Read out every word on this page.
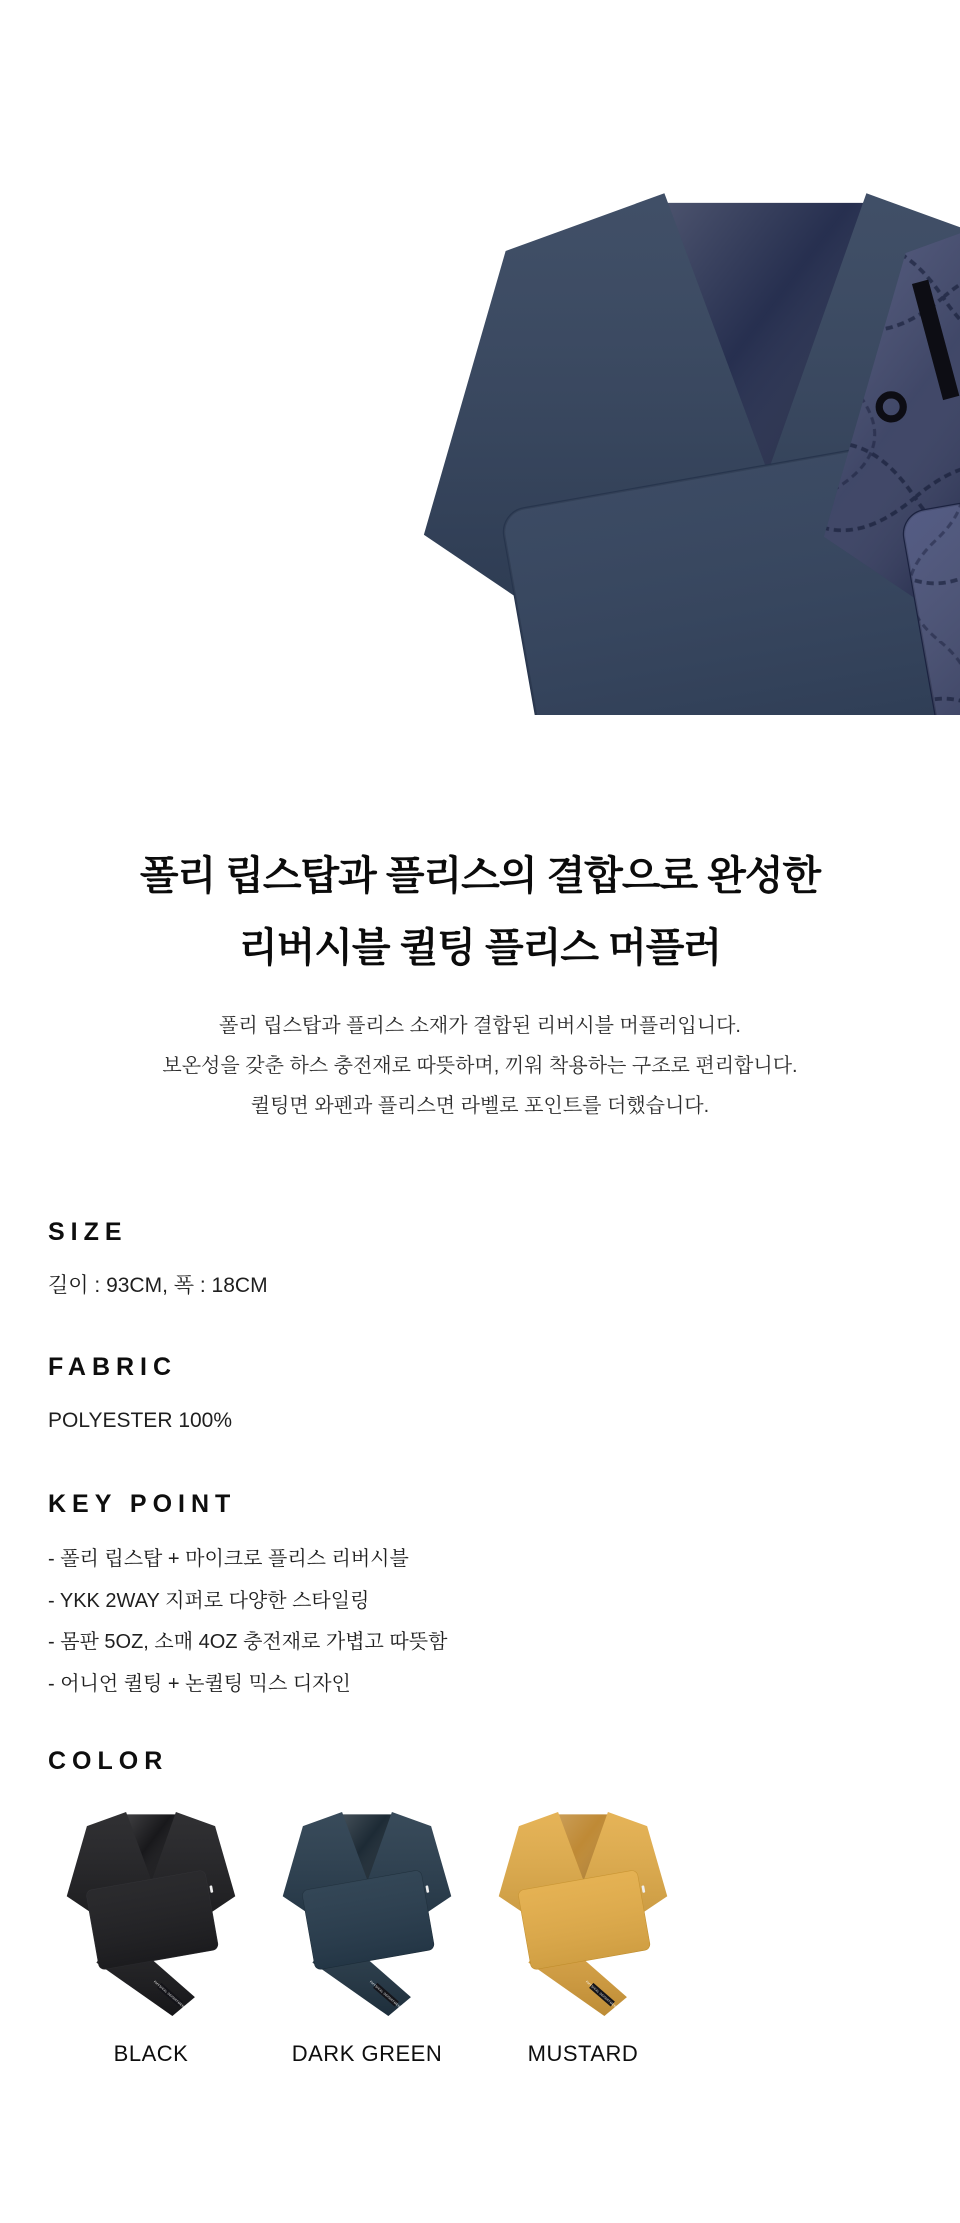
PHYSICAL DEPARTMENT
폴리 립스탑과 플리스의 결합으로 완성한
리버시블 퀼팅 플리스 머플러

폴리 립스탑과 플리스 소재가 결합된 리버시블 머플러입니다.
보온성을 갖춘 하스 충전재로 따뜻하며, 끼워 착용하는 구조로 편리합니다.
퀼팅면 와펜과 플리스면 라벨로 포인트를 더했습니다.

SIZE

길이 : 93CM, 폭 : 18CM

FABRIC

POLYESTER 100%

KEY POINT
- 폴리 립스탑 + 마이크로 플리스 리버시블
- YKK 2WAY 지퍼로 다양한 스타일링
- 몸판 5OZ, 소매 4OZ 충전재로 가볍고 따뜻함
- 어니언 퀼팅 + 논퀼팅 믹스 디자인
COLOR
BLACK	DARK GREEN	MUSTARD
